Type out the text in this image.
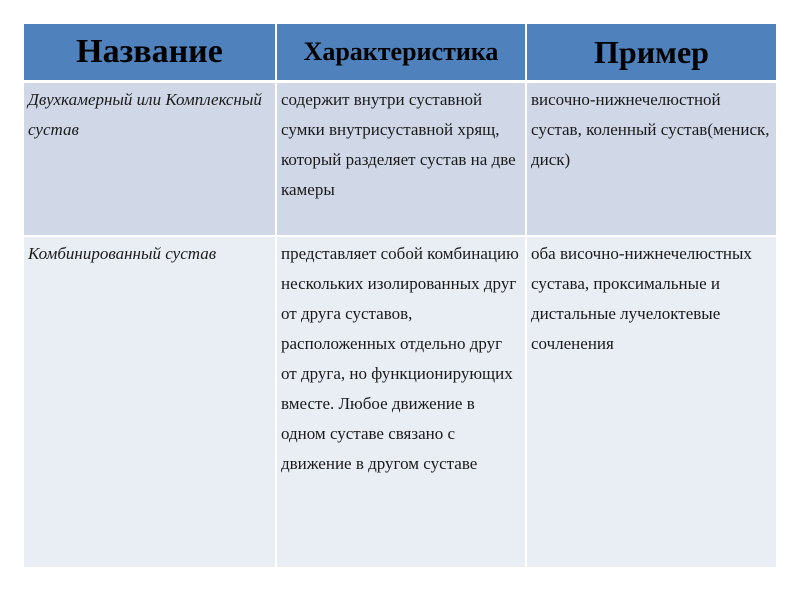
Название	Характеристика	Пример
Двухкамерный или Комплексный сустав	содержит внутри суставной сумки внутрисуставной хрящ, который разделяет сустав на две камеры	височно-нижнечелюстной сустав, коленный сустав(мениск, диск)
Комбинированный сустав	представляет собой комбинацию нескольких изолированных друг от друга суставов, расположенных отдельно друг от друга, но функционирующих вместе. Любое движение в одном суставе связано с движение в другом суставе	оба височно-нижнечелюстных сустава, проксимальные и дистальные лучелоктевые сочленения
